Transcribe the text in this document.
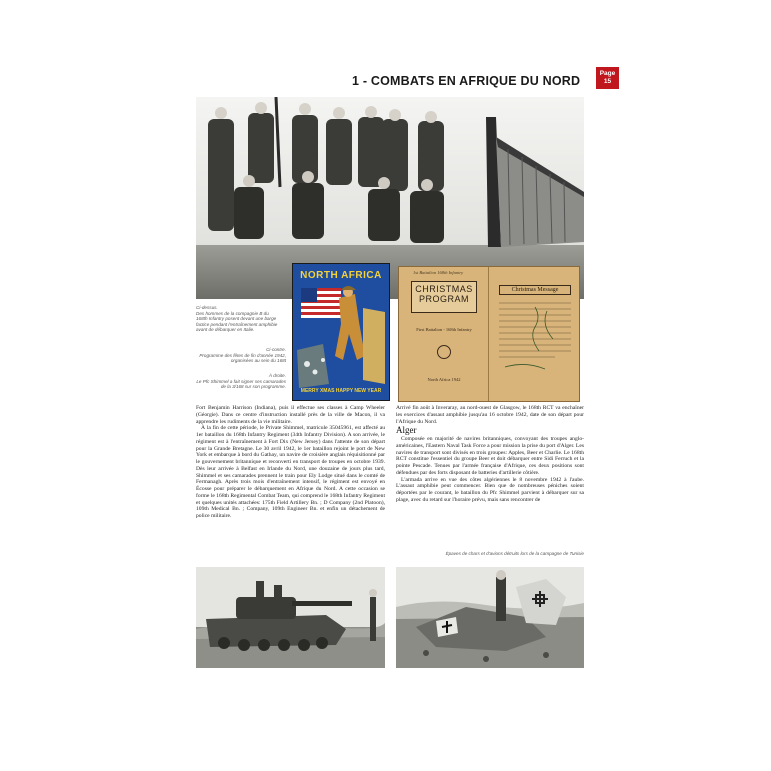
1 - COMBATS EN AFRIQUE DU NORD
Page
15
Ci-dessus.
Des hommes de la compagnie B du 168th Infantry posent devant une barge factice pendant l'entraînement amphibie avant de débarquer en Italie.
Ci-contre.
Programme des fêtes de fin d'année 1942, organisées au sein du 168t
À droite.
Le Pfc Shimmel a fait signer ses camarades de la 3/168 sur son programme.
NORTH AFRICA
MERRY XMAS HAPPY NEW YEAR
1st Battalion 168th Infantry
CHRISTMAS
PROGRAM
First Battalion - 168th Infantry
North Africa 1942
Christmas Message

Fort Benjamin Harrison (Indiana), puis il effectue ses classes à Camp Wheeler (Géorgie). Dans ce centre d'instruction installé près de la ville de Macon, il va apprendre les rudiments de la vie militaire.

À la fin de cette période, le Private Shimmel, matricule 35045961, est affecté au 1er bataillon du 168th Infantry Regiment (34th Infantry Division). A son arrivée, le régiment est à l'entraînement à Fort Dix (New Jersey) dans l'attente de son départ pour la Grande Bretagne. Le 30 avril 1942, le 1er bataillon rejoint le port de New York et embarque à bord du Gathay, un navire de croisière anglais réquisitionné par le gouvernement britannique et reconverti en transport de troupes en octobre 1939. Dès leur arrivée à Belfast en Irlande du Nord, une douzaine de jours plus tard, Shimmel et ses camarades prennent le train pour Ely Lodge situé dans le comté de Fermanagh. Après trois mois d'entraînement intensif, le régiment est envoyé en Écosse pour préparer le débarquement en Afrique du Nord. A cette occasion se forme le 168th Regimental Combat Team, qui comprend le 168th Infantry Regiment et quelques unités attachées: 175th Field Artillery Bn. ; D Company (2nd Platoon), 109th Medical Bn. ; Company, 109th Engineer Bn. et enfin un détachement de police militaire.

Arrivé fin août à Inveraray, au nord-ouest de Glasgow, le 168th RCT va enchaîner les exercices d'assaut amphibie jusqu'au 16 octobre 1942, date de son départ pour l'Afrique du Nord.

Alger

Composée en majorité de navires britanniques, convoyant des troupes anglo-américaines, l'Eastern Naval Task Force a pour mission la prise du port d'Alger. Les navires de transport sont divisés en trois groupes: Apples, Beer et Charlie. Le 168th RCT constitue l'essentiel du groupe Beer et doit débarquer entre Sidi Ferruch et la pointe Pescade. Tenues par l'armée française d'Afrique, ces deux positions sont défendues par des forts disposant de batteries d'artillerie côtière.

L'armada arrive en vue des côtes algériennes le 8 novembre 1942 à l'aube. L'assaut amphibie peut commencer. Bien que de nombreuses péniches soient déportées par le courant, le bataillon du Pfc Shimmel parvient à débarquer sur sa plage, avec du retard sur l'horaire prévu, mais sans rencontrer de

Épaves de chars et d'avions détruits lors de la campagne de Tunisie
